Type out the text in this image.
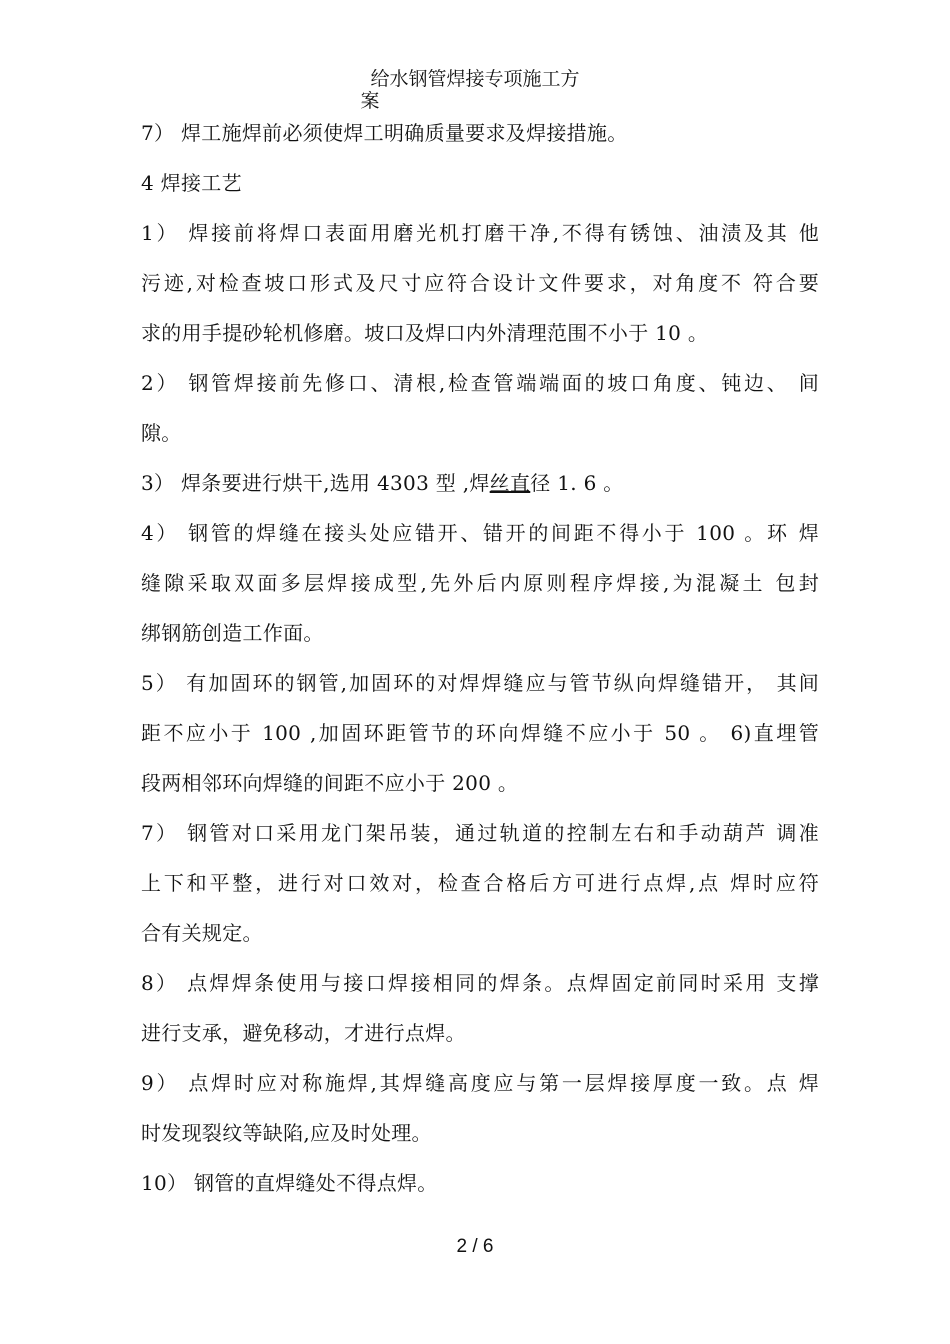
给水钢管焊接专项施工方
案
7） 焊工施焊前必须使焊工明确质量要求及焊接措施。
4 焊接工艺
1） 焊接前将焊口表面用磨光机打磨干净,不得有锈蚀、油渍及其 他
污迹,对检查坡口形式及尺寸应符合设计文件要求，对角度不 符合要
求的用手提砂轮机修磨。坡口及焊口内外清理范围不小于 10 。
2） 钢管焊接前先修口、清根,检查管端端面的坡口角度、钝边、 间
隙。
3） 焊条要进行烘干,选用 4303 型 ,焊丝直径 1. 6 。
4） 钢管的焊缝在接头处应错开、错开的间距不得小于 100 。环 焊
缝隙采取双面多层焊接成型,先外后内原则程序焊接,为混凝土 包封
绑钢筋创造工作面。
5） 有加固环的钢管,加固环的对焊焊缝应与管节纵向焊缝错开， 其间
距不应小于 100 ,加固环距管节的环向焊缝不应小于 50 。 6)直埋管
段两相邻环向焊缝的间距不应小于 200 。
7） 钢管对口采用龙门架吊装，通过轨道的控制左右和手动葫芦 调准
上下和平整，进行对口效对，检查合格后方可进行点焊,点 焊时应符
合有关规定。
8） 点焊焊条使用与接口焊接相同的焊条。点焊固定前同时采用 支撑
进行支承，避免移动，才进行点焊。
9） 点焊时应对称施焊,其焊缝高度应与第一层焊接厚度一致。点 焊
时发现裂纹等缺陷,应及时处理。
10） 钢管的直焊缝处不得点焊。
2 / 6
